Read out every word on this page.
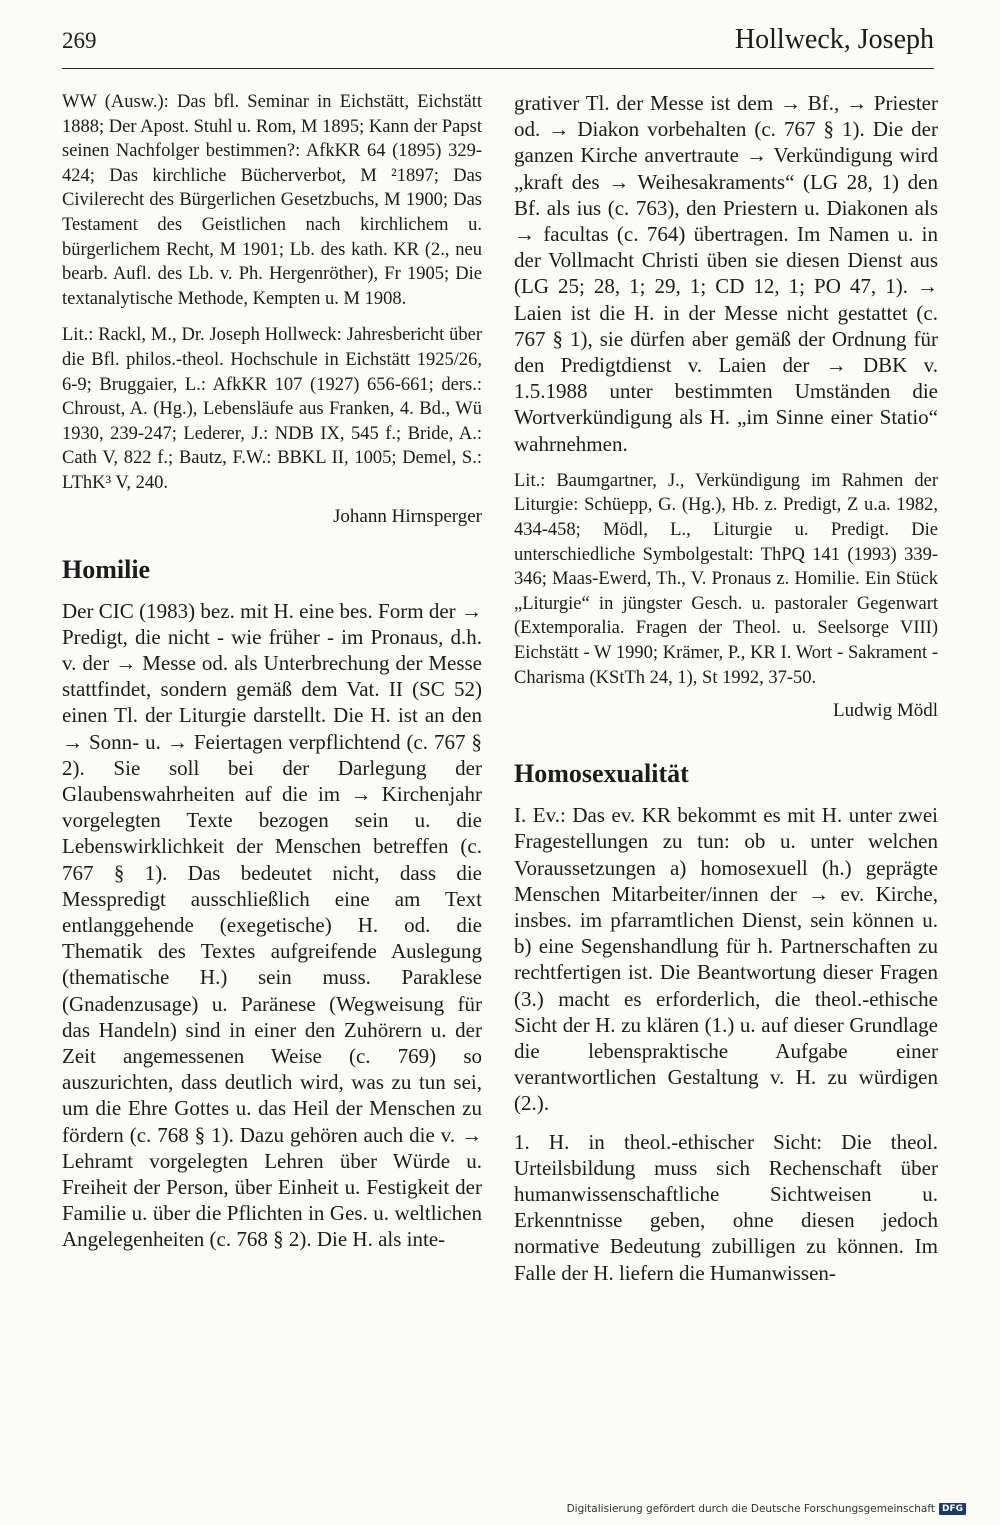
269	Hollweck, Joseph

WW (Ausw.): Das bfl. Seminar in Eichstätt, Eichstätt 1888; Der Apost. Stuhl u. Rom, M 1895; Kann der Papst seinen Nachfolger bestimmen?: AfkKR 64 (1895) 329-424; Das kirchliche Bücherverbot, M ²1897; Das Civilerecht des Bürgerlichen Gesetzbuchs, M 1900; Das Testament des Geistlichen nach kirchlichem u. bürgerlichem Recht, M 1901; Lb. des kath. KR (2., neu bearb. Aufl. des Lb. v. Ph. Hergenröther), Fr 1905; Die textanalytische Methode, Kempten u. M 1908.

Lit.: Rackl, M., Dr. Joseph Hollweck: Jahresbericht über die Bfl. philos.-theol. Hochschule in Eichstätt 1925/26, 6-9; Bruggaier, L.: AfkKR 107 (1927) 656-661; ders.: Chroust, A. (Hg.), Lebensläufe aus Franken, 4. Bd., Wü 1930, 239-247; Lederer, J.: NDB IX, 545 f.; Bride, A.: Cath V, 822 f.; Bautz, F.W.: BBKL II, 1005; Demel, S.: LThK³ V, 240.

Johann Hirnsperger
Homilie

Der CIC (1983) bez. mit H. eine bes. Form der → Predigt, die nicht - wie früher - im Pronaus, d.h. v. der → Messe od. als Unterbrechung der Messe stattfindet, sondern gemäß dem Vat. II (SC 52) einen Tl. der Liturgie darstellt. Die H. ist an den → Sonn- u. → Feiertagen verpflichtend (c. 767 § 2). Sie soll bei der Darlegung der Glaubenswahrheiten auf die im → Kirchenjahr vorgelegten Texte bezogen sein u. die Lebenswirklichkeit der Menschen betreffen (c. 767 § 1). Das bedeutet nicht, dass die Messpredigt ausschließlich eine am Text entlanggehende (exegetische) H. od. die Thematik des Textes aufgreifende Auslegung (thematische H.) sein muss. Paraklese (Gnadenzusage) u. Paränese (Wegweisung für das Handeln) sind in einer den Zuhörern u. der Zeit angemessenen Weise (c. 769) so auszurichten, dass deutlich wird, was zu tun sei, um die Ehre Gottes u. das Heil der Menschen zu fördern (c. 768 § 1). Dazu gehören auch die v. → Lehramt vorgelegten Lehren über Würde u. Freiheit der Person, über Einheit u. Festigkeit der Familie u. über die Pflichten in Ges. u. weltlichen Angelegenheiten (c. 768 § 2). Die H. als inte-

grativer Tl. der Messe ist dem → Bf., → Priester od. → Diakon vorbehalten (c. 767 § 1). Die der ganzen Kirche anvertraute → Verkündigung wird „kraft des → Weihesakraments“ (LG 28, 1) den Bf. als ius (c. 763), den Priestern u. Diakonen als → facultas (c. 764) übertragen. Im Namen u. in der Vollmacht Christi üben sie diesen Dienst aus (LG 25; 28, 1; 29, 1; CD 12, 1; PO 47, 1). → Laien ist die H. in der Messe nicht gestattet (c. 767 § 1), sie dürfen aber gemäß der Ordnung für den Predigtdienst v. Laien der → DBK v. 1.5.1988 unter bestimmten Umständen die Wortverkündigung als H. „im Sinne einer Statio“ wahrnehmen.

Lit.: Baumgartner, J., Verkündigung im Rahmen der Liturgie: Schüepp, G. (Hg.), Hb. z. Predigt, Z u.a. 1982, 434-458; Mödl, L., Liturgie u. Predigt. Die unterschiedliche Symbolgestalt: ThPQ 141 (1993) 339-346; Maas-Ewerd, Th., V. Pronaus z. Homilie. Ein Stück „Liturgie“ in jüngster Gesch. u. pastoraler Gegenwart (Extemporalia. Fragen der Theol. u. Seelsorge VIII) Eichstätt - W 1990; Krämer, P., KR I. Wort - Sakrament - Charisma (KStTh 24, 1), St 1992, 37-50.

Ludwig Mödl
Homosexualität

I. Ev.: Das ev. KR bekommt es mit H. unter zwei Fragestellungen zu tun: ob u. unter welchen Voraussetzungen a) homosexuell (h.) geprägte Menschen Mitarbeiter/innen der → ev. Kirche, insbes. im pfarramtlichen Dienst, sein können u. b) eine Segenshandlung für h. Partnerschaften zu rechtfertigen ist. Die Beantwortung dieser Fragen (3.) macht es erforderlich, die theol.-ethische Sicht der H. zu klären (1.) u. auf dieser Grundlage die lebenspraktische Aufgabe einer verantwortlichen Gestaltung v. H. zu würdigen (2.).

1. H. in theol.-ethischer Sicht: Die theol. Urteilsbildung muss sich Rechenschaft über humanwissenschaftliche Sichtweisen u. Erkenntnisse geben, ohne diesen jedoch normative Bedeutung zubilligen zu können. Im Falle der H. liefern die Humanwissen-

Digitalisierung gefördert durch die Deutsche Forschungsgemeinschaft DFG
